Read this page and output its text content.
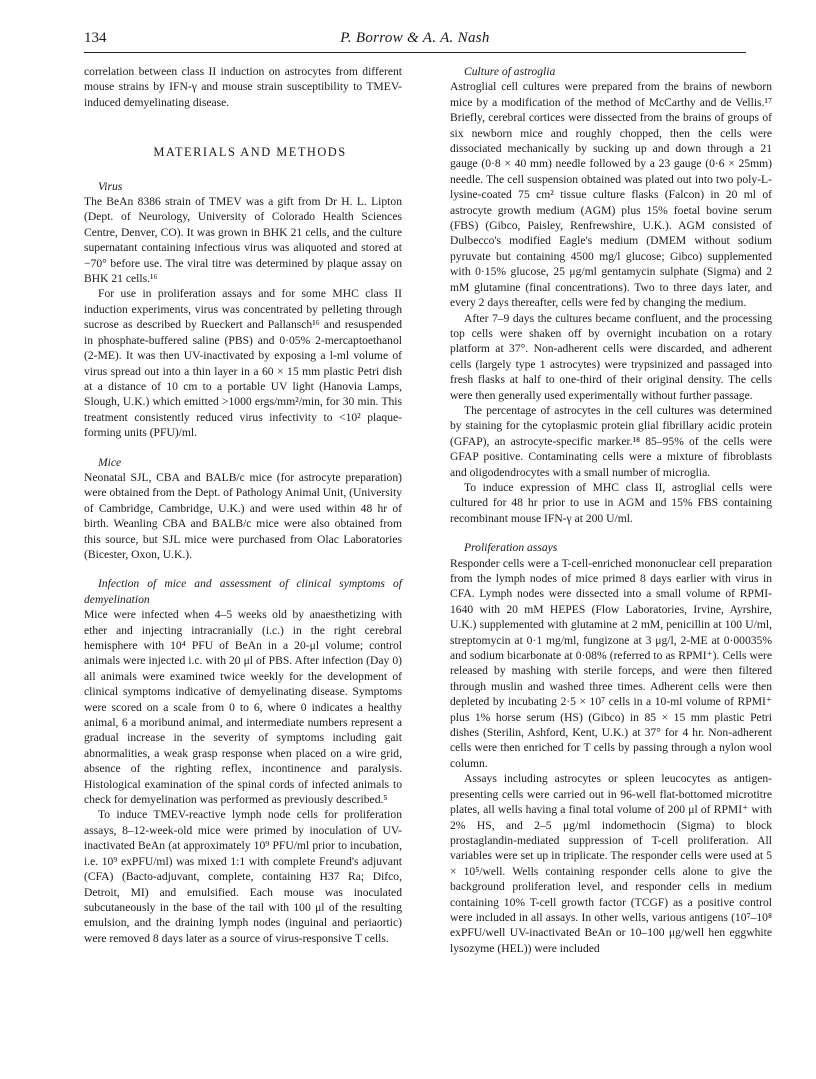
134	P. Borrow & A. A. Nash

correlation between class II induction on astrocytes from different mouse strains by IFN-γ and mouse strain susceptibility to TMEV-induced demyelinating disease.

MATERIALS AND METHODS

Virus

The BeAn 8386 strain of TMEV was a gift from Dr H. L. Lipton (Dept. of Neurology, University of Colorado Health Sciences Centre, Denver, CO). It was grown in BHK 21 cells, and the culture supernatant containing infectious virus was aliquoted and stored at −70° before use. The viral titre was determined by plaque assay on BHK 21 cells.¹⁶

For use in proliferation assays and for some MHC class II induction experiments, virus was concentrated by pelleting through sucrose as described by Rueckert and Pallansch¹⁶ and resuspended in phosphate-buffered saline (PBS) and 0·05% 2-mercaptoethanol (2-ME). It was then UV-inactivated by exposing a l-ml volume of virus spread out into a thin layer in a 60 × 15 mm plastic Petri dish at a distance of 10 cm to a portable UV light (Hanovia Lamps, Slough, U.K.) which emitted >1000 ergs/mm²/min, for 30 min. This treatment consistently reduced virus infectivity to <10² plaque-forming units (PFU)/ml.

Mice

Neonatal SJL, CBA and BALB/c mice (for astrocyte preparation) were obtained from the Dept. of Pathology Animal Unit, (University of Cambridge, Cambridge, U.K.) and were used within 48 hr of birth. Weanling CBA and BALB/c mice were also obtained from this source, but SJL mice were purchased from Olac Laboratories (Bicester, Oxon, U.K.).

Infection of mice and assessment of clinical symptoms of demyelination

Mice were infected when 4–5 weeks old by anaesthetizing with ether and injecting intracranially (i.c.) in the right cerebral hemisphere with 10⁴ PFU of BeAn in a 20-μl volume; control animals were injected i.c. with 20 μl of PBS. After infection (Day 0) all animals were examined twice weekly for the development of clinical symptoms indicative of demyelinating disease. Symptoms were scored on a scale from 0 to 6, where 0 indicates a healthy animal, 6 a moribund animal, and intermediate numbers represent a gradual increase in the severity of symptoms including gait abnormalities, a weak grasp response when placed on a wire grid, absence of the righting reflex, incontinence and paralysis. Histological examination of the spinal cords of infected animals to check for demyelination was performed as previously described.⁵

To induce TMEV-reactive lymph node cells for proliferation assays, 8–12-week-old mice were primed by inoculation of UV-inactivated BeAn (at approximately 10⁹ PFU/ml prior to incubation, i.e. 10⁹ exPFU/ml) was mixed 1:1 with complete Freund's adjuvant (CFA) (Bacto-adjuvant, complete, containing H37 Ra; Difco, Detroit, MI) and emulsified. Each mouse was inoculated subcutaneously in the base of the tail with 100 μl of the resulting emulsion, and the draining lymph nodes (inguinal and periaortic) were removed 8 days later as a source of virus-responsive T cells.

Culture of astroglia

Astroglial cell cultures were prepared from the brains of newborn mice by a modification of the method of McCarthy and de Vellis.¹⁷ Briefly, cerebral cortices were dissected from the brains of groups of six newborn mice and roughly chopped, then the cells were dissociated mechanically by sucking up and down through a 21 gauge (0·8 × 40 mm) needle followed by a 23 gauge (0·6 × 25mm) needle. The cell suspension obtained was plated out into two poly-L-lysine-coated 75 cm² tissue culture flasks (Falcon) in 20 ml of astrocyte growth medium (AGM) plus 15% foetal bovine serum (FBS) (Gibco, Paisley, Renfrewshire, U.K.). AGM consisted of Dulbecco's modified Eagle's medium (DMEM without sodium pyruvate but containing 4500 mg/l glucose; Gibco) supplemented with 0·15% glucose, 25 μg/ml gentamycin sulphate (Sigma) and 2 mM glutamine (final concentrations). Two to three days later, and every 2 days thereafter, cells were fed by changing the medium.

After 7–9 days the cultures became confluent, and the processing top cells were shaken off by overnight incubation on a rotary platform at 37°. Non-adherent cells were discarded, and adherent cells (largely type 1 astrocytes) were trypsinized and passaged into fresh flasks at half to one-third of their original density. The cells were then generally used experimentally without further passage.

The percentage of astrocytes in the cell cultures was determined by staining for the cytoplasmic protein glial fibrillary acidic protein (GFAP), an astrocyte-specific marker.¹⁸ 85–95% of the cells were GFAP positive. Contaminating cells were a mixture of fibroblasts and oligodendrocytes with a small number of microglia.

To induce expression of MHC class II, astroglial cells were cultured for 48 hr prior to use in AGM and 15% FBS containing recombinant mouse IFN-γ at 200 U/ml.

Proliferation assays

Responder cells were a T-cell-enriched mononuclear cell preparation from the lymph nodes of mice primed 8 days earlier with virus in CFA. Lymph nodes were dissected into a small volume of RPMI-1640 with 20 mM HEPES (Flow Laboratories, Irvine, Ayrshire, U.K.) supplemented with glutamine at 2 mM, penicillin at 100 U/ml, streptomycin at 0·1 mg/ml, fungizone at 3 μg/l, 2-ME at 0·00035% and sodium bicarbonate at 0·08% (referred to as RPMI⁺). Cells were released by mashing with sterile forceps, and were then filtered through muslin and washed three times. Adherent cells were then depleted by incubating 2·5 × 10⁷ cells in a 10-ml volume of RPMI⁺ plus 1% horse serum (HS) (Gibco) in 85 × 15 mm plastic Petri dishes (Sterilin, Ashford, Kent, U.K.) at 37° for 4 hr. Non-adherent cells were then enriched for T cells by passing through a nylon wool column.

Assays including astrocytes or spleen leucocytes as antigen-presenting cells were carried out in 96-well flat-bottomed microtitre plates, all wells having a final total volume of 200 μl of RPMI⁺ with 2% HS, and 2–5 μg/ml indomethocin (Sigma) to block prostaglandin-mediated suppression of T-cell proliferation. All variables were set up in triplicate. The responder cells were used at 5 × 10⁵/well. Wells containing responder cells alone to give the background proliferation level, and responder cells in medium containing 10% T-cell growth factor (TCGF) as a positive control were included in all assays. In other wells, various antigens (10⁷–10⁸ exPFU/well UV-inactivated BeAn or 10–100 μg/well hen eggwhite lysozyme (HEL)) were included
